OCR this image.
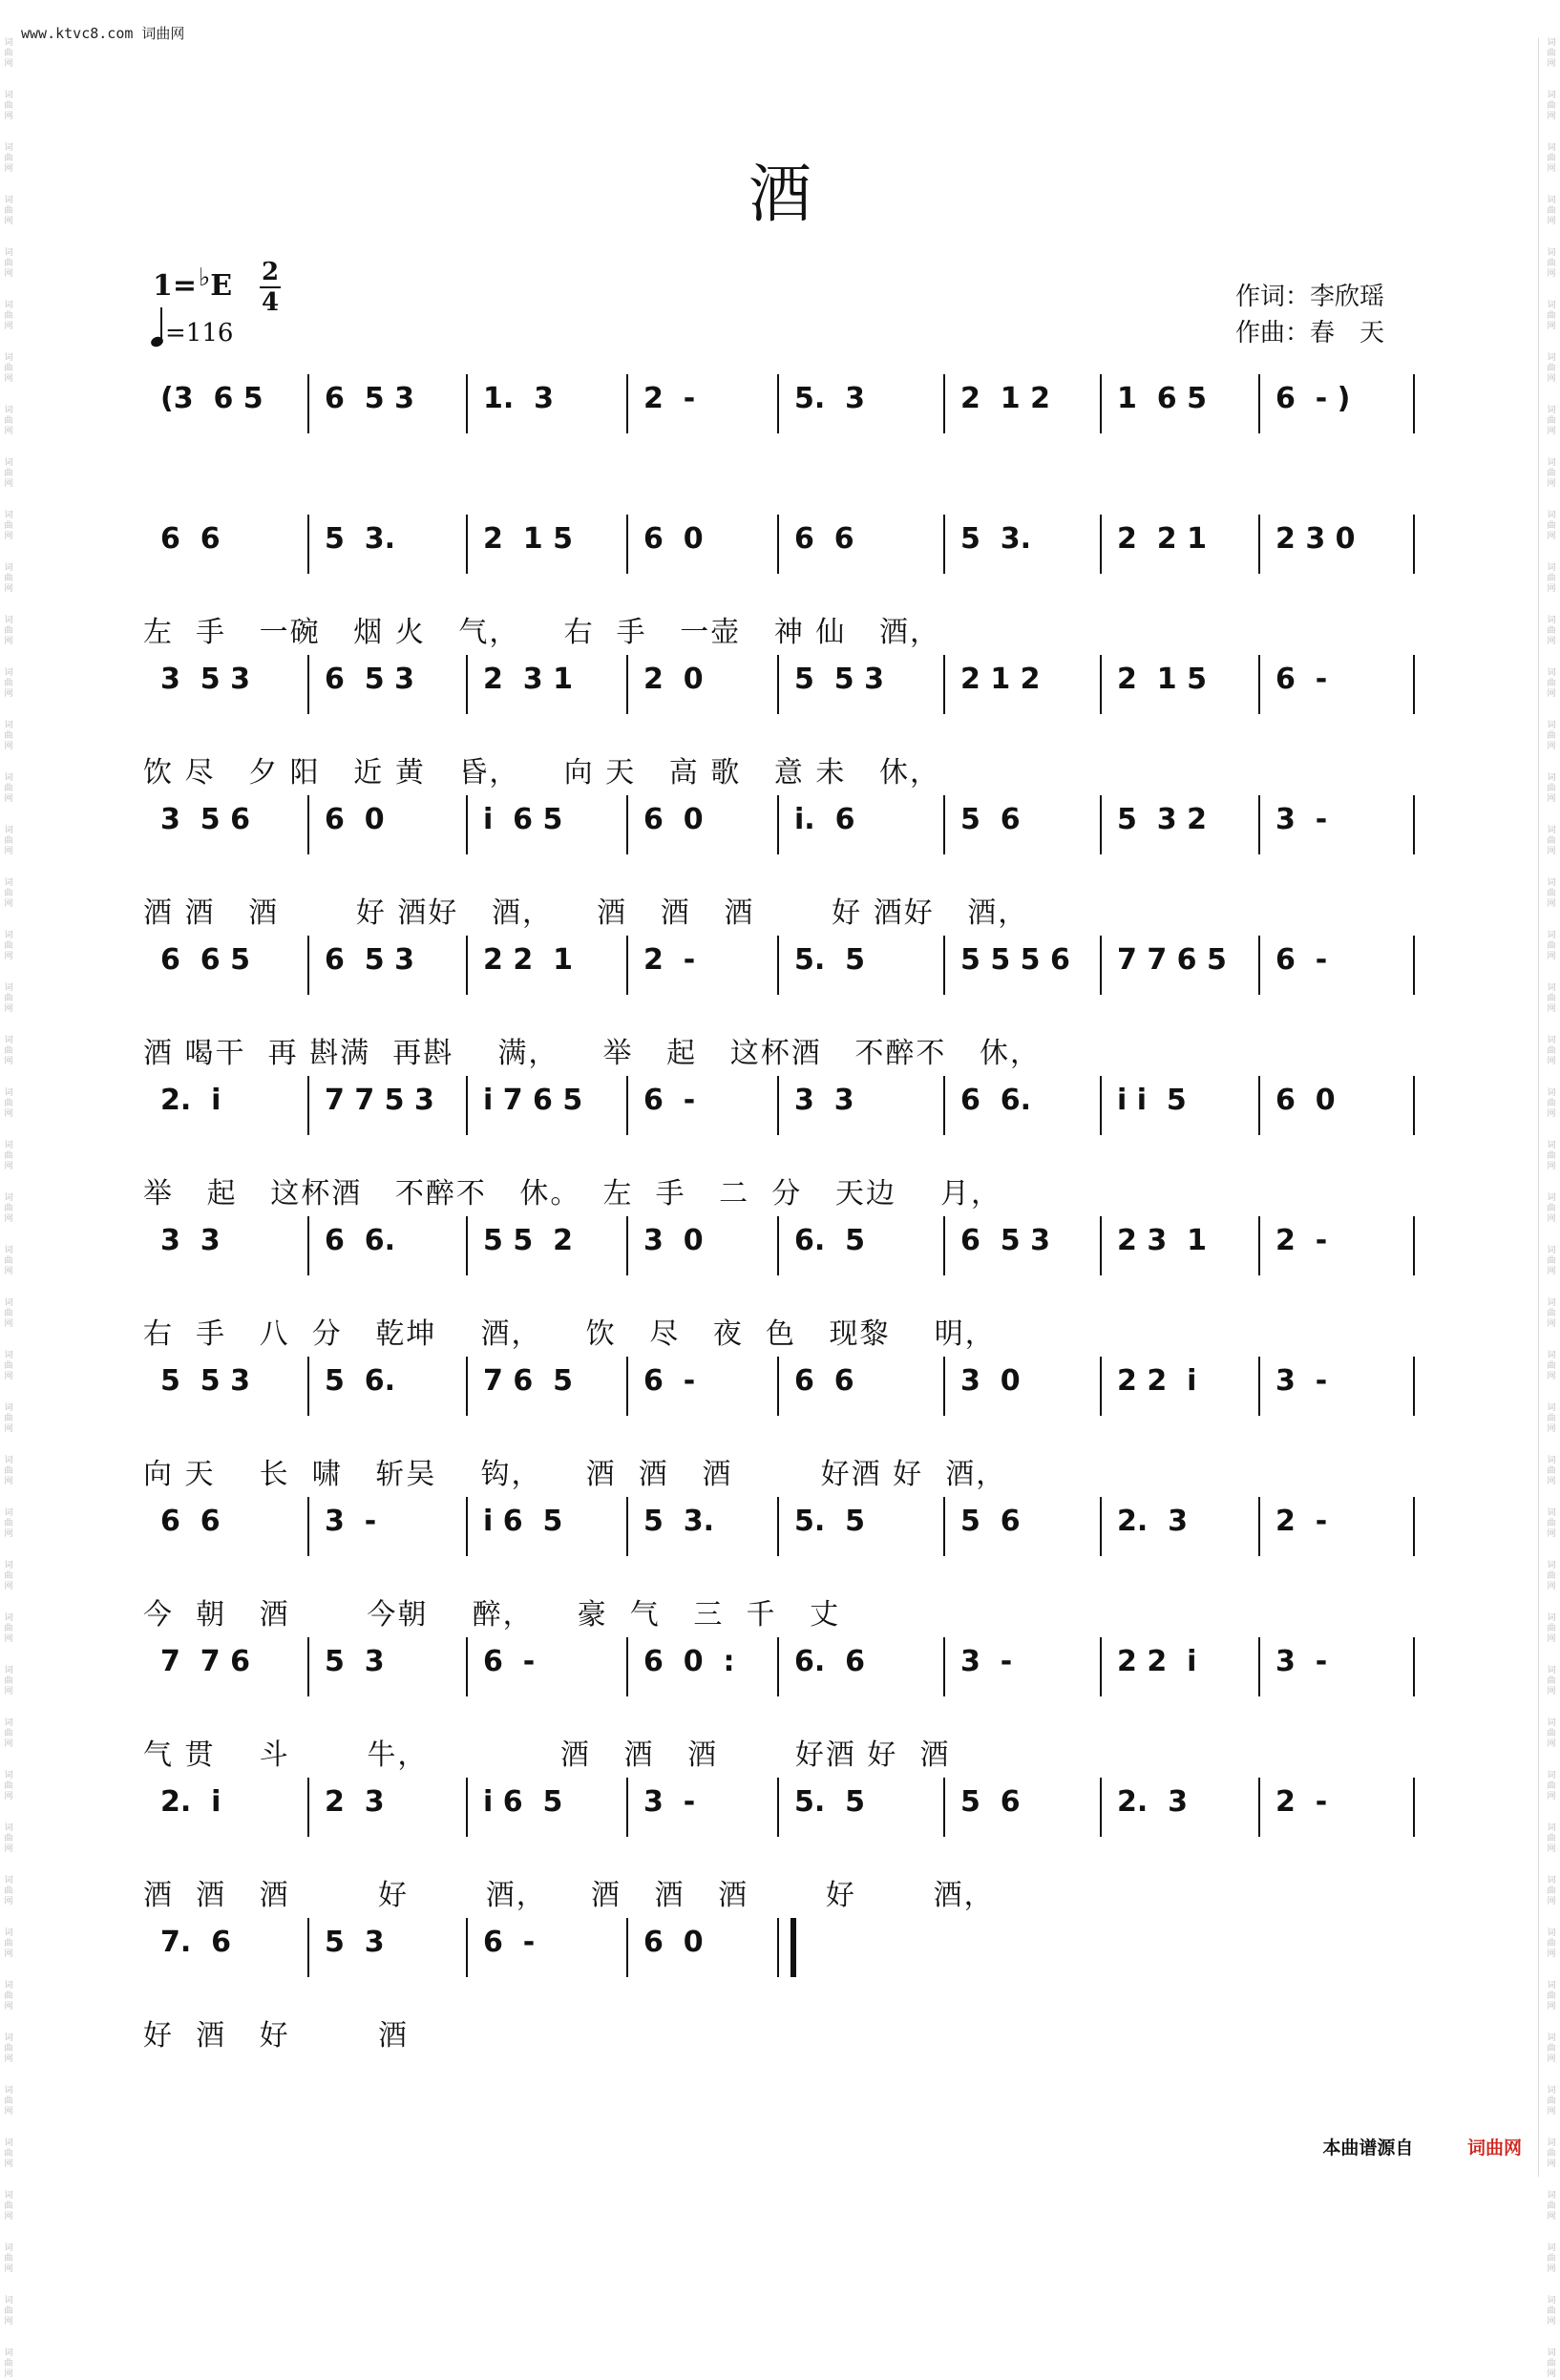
www.ktvc8.com 词曲网
词
曲
网

词
曲
网

词
曲
网

词
曲
网

词
曲
网

词
曲
网

词
曲
网

词
曲
网

词
曲
网

词
曲
网

词
曲
网

词
曲
网

词
曲
网

词
曲
网

词
曲
网

词
曲
网

词
曲
网

词
曲
网

词
曲
网

词
曲
网

词
曲
网

词
曲
网

词
曲
网

词
曲
网

词
曲
网

词
曲
网

词
曲
网

词
曲
网

词
曲
网

词
曲
网

词
曲
网

词
曲
网

词
曲
网

词
曲
网

词
曲
网

词
曲
网

词
曲
网

词
曲
网

词
曲
网

词
曲
网

词
曲
网

词
曲
网

词
曲
网

词
曲
网

词
曲
网

词
曲
网

词
曲
网

词
曲
网

词
曲
网

词
曲
网

词
曲
网

词
曲
网

词
曲
网

词
曲
网

词
曲
网

词
曲
网

词
曲
网

词
曲
网

词
曲
网

词
曲
网

词
曲
网

词
曲
网

词
曲
网

词
曲
网

词
曲
网

词
曲
网

词
曲
网

词
曲
网

词
曲
网

词
曲
网

词
曲
网

词
曲
网

词
曲
网

词
曲
网

词
曲
网

词
曲
网

词
曲
网

词
曲
网

词
曲
网

词
曲
网

词
曲
网

词
曲
网

词
曲
网

词
曲
网

词
曲
网

词
曲
网

词
曲
网

词
曲
网

词
曲
网

词
曲
网

酒
1=♭E 2
4
=116
作词：李欣瑶
作曲：春　天
(3  6 5 6  5 3 1.  3	2  -	5.  3	2  1 2 1  6 5 6  - )
6  6	5  3.	2  1 5 6  0	6  6	5  3.	2  2 1 2 3 0
左  手   一碗   烟 火   气，    右  手   一壶   神 仙   酒，
3  5 3	6  5 3 2  3 1 2  0	5  5 3	2 1 2	2  1 5 6  -
饮 尽   夕 阳   近 黄   昏，    向 天   高 歌   意 未   休，
3  5 6	6  0	i  6 5	6  0	i.  6	5  6	5  3 2 3  -
酒 酒   酒       好 酒好   酒，    酒   酒   酒       好 酒好   酒，
6  6 5	6  5 3 2 2  1 2  -	5.  5	5 5 5 6 7 7 6 5 6  -
酒 喝干  再 斟满  再斟    满，    举   起   这杯酒   不醉不   休，
2.  i	7 7 5 3 i 7 6 5 6  -	3  3	6  6.	i i  5	6  0
举   起   这杯酒   不醉不   休。  左  手   二  分   天边    月，
3  3	6  6.	5 5  2 3  0	6.  5	6  5 3 2 3  1 2  -
右  手   八  分   乾坤    酒，    饮   尽   夜  色   现黎    明，
5  5 3	5  6.	7 6  5 6  -	6  6	3  0	2 2  i	3  -
向 天    长  啸   斩吴    钩，    酒  酒   酒        好酒 好  酒，
6  6	3  -	i 6  5	5  3.	5.  5	5  6	2.  3	2  -
今  朝   酒       今朝    醉，    豪  气   三  千   丈
7  7 6	5  3	6  -	6  0  : 6.  6	3  -	2 2  i	3  -
气 贯    斗       牛，            酒   酒   酒       好酒 好  酒
2.  i	2  3	i 6  5	3  -	5.  5	5  6	2.  3	2  -
酒  酒   酒        好       酒，    酒   酒   酒       好       酒，
7.  6	5  3	6  -	6  0
好  酒   好        酒
本曲谱源自	词曲网
